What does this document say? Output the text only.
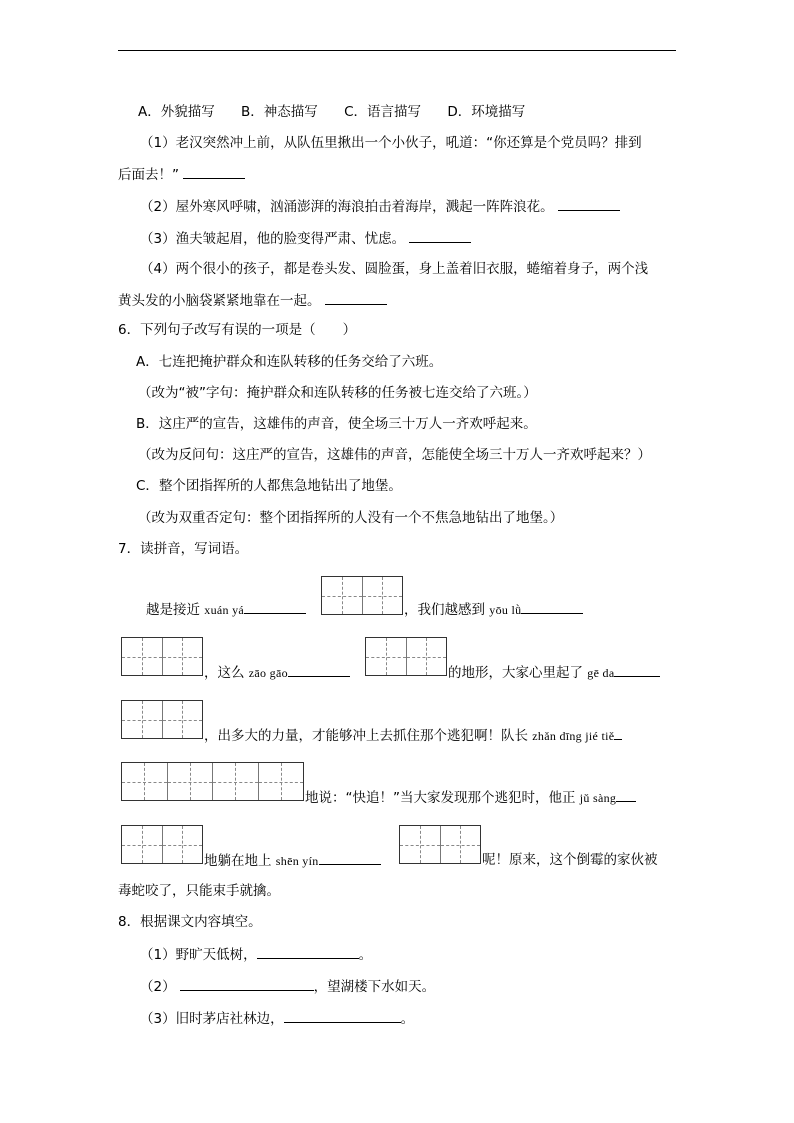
A．外貌描写 B．神态描写 C．语言描写 D．环境描写
（1）老汉突然冲上前，从队伍里揪出一个小伙子，吼道：“你还算是个党员吗？排到
后面去！”
（2）屋外寒风呼啸，汹涌澎湃的海浪拍击着海岸，溅起一阵阵浪花。
（3）渔夫皱起眉，他的脸变得严肃、忧虑。
（4）两个很小的孩子，都是卷头发、圆脸蛋，身上盖着旧衣服，蜷缩着身子，两个浅
黄头发的小脑袋紧紧地靠在一起。
6．下列句子改写有误的一项是（　　）
A．七连把掩护群众和连队转移的任务交给了六班。
（改为“被”字句：掩护群众和连队转移的任务被七连交给了六班。）
B．这庄严的宣告，这雄伟的声音，使全场三十万人一齐欢呼起来。
（改为反问句：这庄严的宣告，这雄伟的声音，怎能使全场三十万人一齐欢呼起来？）
C．整个团指挥所的人都焦急地钻出了地堡。
（改为双重否定句：整个团指挥所的人没有一个不焦急地钻出了地堡。）
7．读拼音，写词语。
越是接近 xuán yá	，我们越感到 yōu lǜ
，这么 zāo gāo	的地形，大家心里起了 gē da
，出多大的力量，才能够冲上去抓住那个逃犯啊！队长 zhǎn dīng jié tiě
地说：“快追！”当大家发现那个逃犯时，他正 jǔ sàng
地躺在地上 shēn yín	呢！原来，这个倒霉的家伙被
毒蛇咬了，只能束手就擒。
8．根据课文内容填空。
（1）野旷天低树，	。
（2）	，望湖楼下水如天。
（3）旧时茅店社林边，	。
